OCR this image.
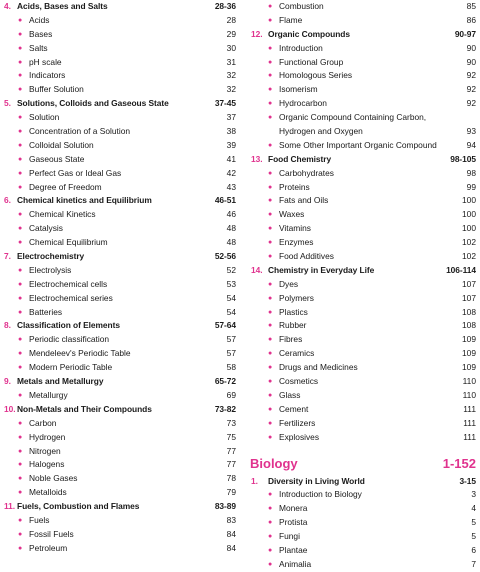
4. Acids, Bases and Salts	28-36
● Acids	28
● Bases	29
● Salts	30
● pH scale	31
● Indicators	32
● Buffer Solution	32
5. Solutions, Colloids and Gaseous State	37-45
● Solution	37
● Concentration of a Solution	38
● Colloidal Solution	39
● Gaseous State	41
● Perfect Gas or Ideal Gas	42
● Degree of Freedom	43
6. Chemical kinetics and Equilibrium	46-51
● Chemical Kinetics	46
● Catalysis	48
● Chemical Equilibrium	48
7. Electrochemistry	52-56
● Electrolysis	52
● Electrochemical cells	53
● Electrochemical series	54
● Batteries	54
8. Classification of Elements	57-64
● Periodic classification	57
● Mendeleev's Periodic Table	57
● Modern Periodic Table	58
9. Metals and Metallurgy	65-72
● Metallurgy	69
10. Non-Metals and Their Compounds	73-82
● Carbon	73
● Hydrogen	75
● Nitrogen	77
● Halogens	77
● Noble Gases	78
● Metalloids	79
11. Fuels, Combustion and Flames	83-89
● Fuels	83
● Fossil Fuels	84
● Petroleum	84
● Combustion	85
● Flame	86
12. Organic Compounds	90-97
● Introduction	90
● Functional Group	90
● Homologous Series	92
● Isomerism	92
● Hydrocarbon	92
● Organic Compound Containing Carbon,
Hydrogen and Oxygen	93
● Some Other Important Organic Compound	94
13. Food Chemistry	98-105
● Carbohydrates	98
● Proteins	99
● Fats and Oils	100
● Waxes	100
● Vitamins	100
● Enzymes	102
● Food Additives	102
14. Chemistry in Everyday Life	106-114
● Dyes	107
● Polymers	107
● Plastics	108
● Rubber	108
● Fibres	109
● Ceramics	109
● Drugs and Medicines	109
● Cosmetics	110
● Glass	110
● Cement	111
● Fertilizers	111
● Explosives	111
Biology	1-152
1. Diversity in Living World	3-15
● Introduction to Biology	3
● Monera	4
● Protista	5
● Fungi	5
● Plantae	6
● Animalia	7
